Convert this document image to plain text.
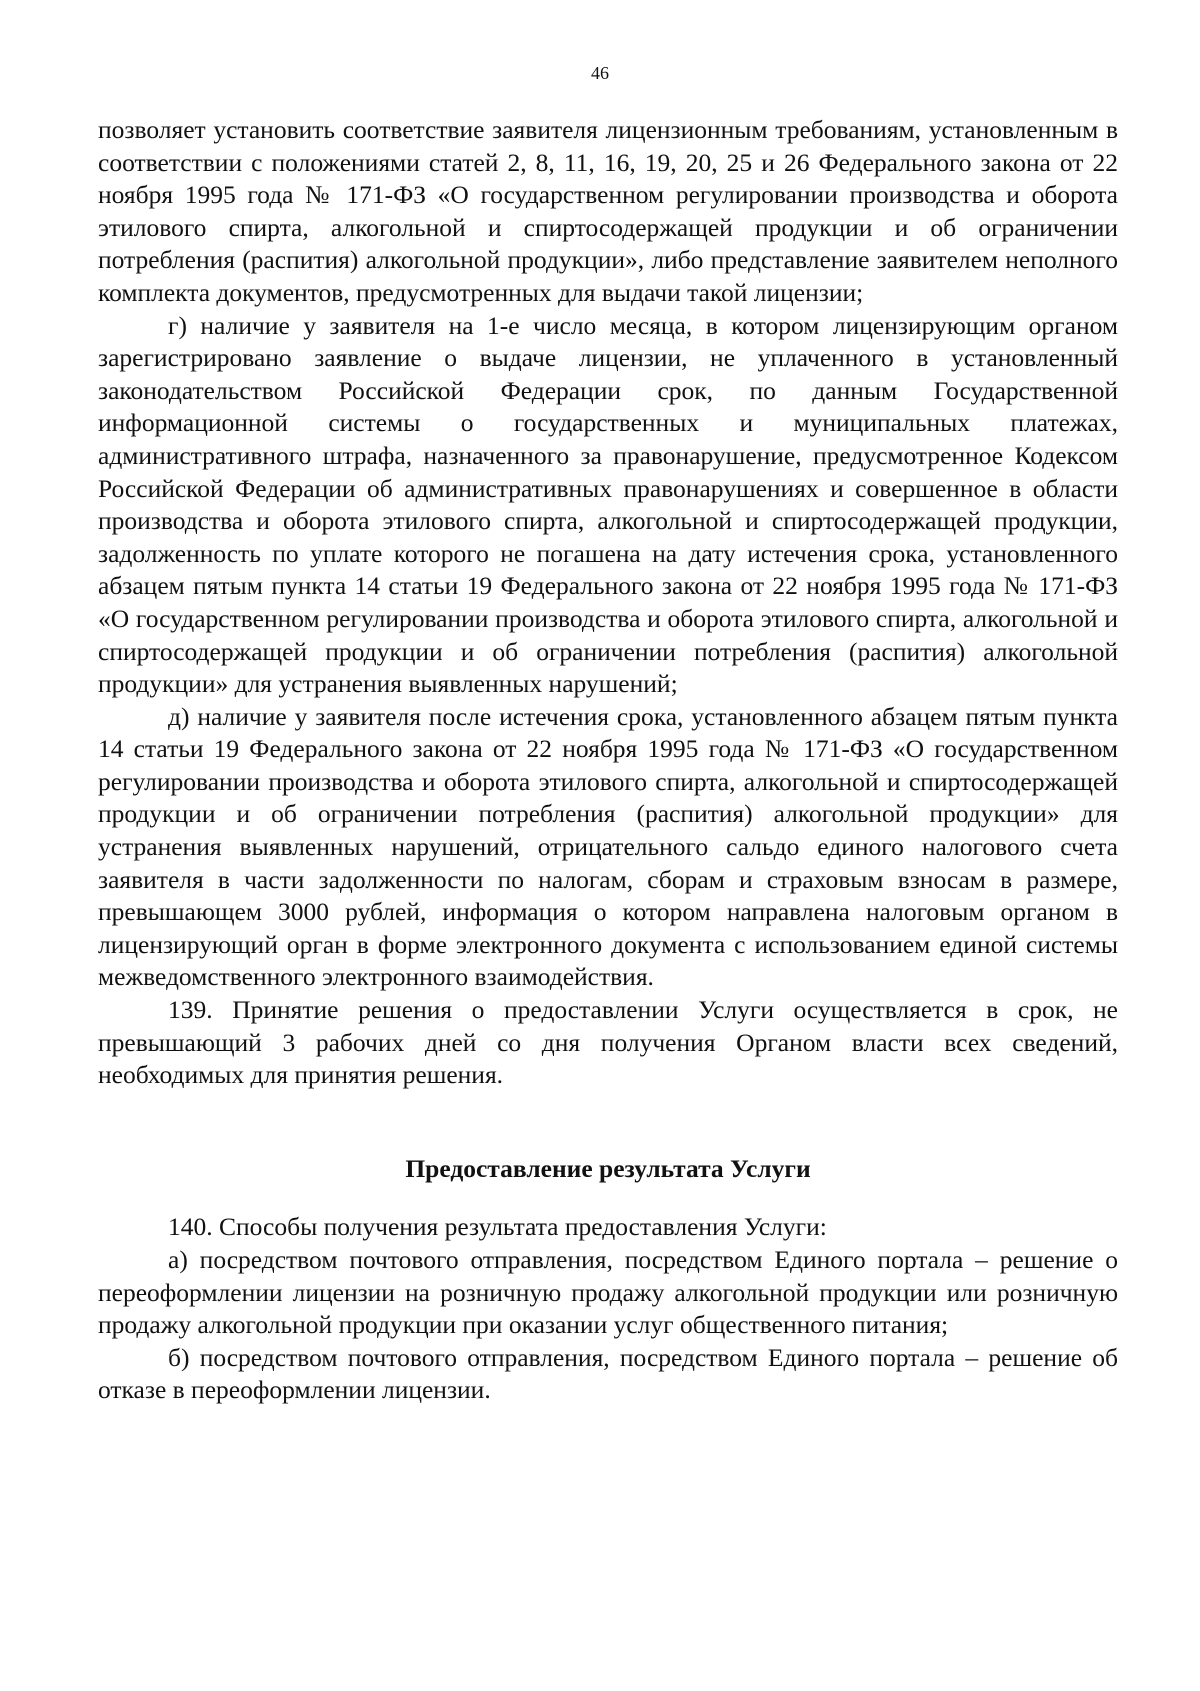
46

позволяет установить соответствие заявителя лицензионным требованиям, установленным в соответствии с положениями статей 2, 8, 11, 16, 19, 20, 25 и 26 Федерального закона от 22 ноября 1995 года № 171-ФЗ «О государственном регулировании производства и оборота этилового спирта, алкогольной и спиртосодержащей продукции и об ограничении потребления (распития) алкогольной продукции», либо представление заявителем неполного комплекта документов, предусмотренных для выдачи такой лицензии;

г) наличие у заявителя на 1-е число месяца, в котором лицензирующим органом зарегистрировано заявление о выдаче лицензии, не уплаченного в установленный законодательством Российской Федерации срок, по данным Государственной информационной системы о государственных и муниципальных платежах, административного штрафа, назначенного за правонарушение, предусмотренное Кодексом Российской Федерации об административных правонарушениях и совершенное в области производства и оборота этилового спирта, алкогольной и спиртосодержащей продукции, задолженность по уплате которого не погашена на дату истечения срока, установленного абзацем пятым пункта 14 статьи 19 Федерального закона от 22 ноября 1995 года № 171-ФЗ «О государственном регулировании производства и оборота этилового спирта, алкогольной и спиртосодержащей продукции и об ограничении потребления (распития) алкогольной продукции» для устранения выявленных нарушений;

д) наличие у заявителя после истечения срока, установленного абзацем пятым пункта 14 статьи 19 Федерального закона от 22 ноября 1995 года № 171-ФЗ «О государственном регулировании производства и оборота этилового спирта, алкогольной и спиртосодержащей продукции и об ограничении потребления (распития) алкогольной продукции» для устранения выявленных нарушений, отрицательного сальдо единого налогового счета заявителя в части задолженности по налогам, сборам и страховым взносам в размере, превышающем 3000 рублей, информация о котором направлена налоговым органом в лицензирующий орган в форме электронного документа с использованием единой системы межведомственного электронного взаимодействия.

139. Принятие решения о предоставлении Услуги осуществляется в срок, не превышающий 3 рабочих дней со дня получения Органом власти всех сведений, необходимых для принятия решения.

Предоставление результата Услуги

140. Способы получения результата предоставления Услуги:

а) посредством почтового отправления, посредством Единого портала – решение о переоформлении лицензии на розничную продажу алкогольной продукции или розничную продажу алкогольной продукции при оказании услуг общественного питания;

б) посредством почтового отправления, посредством Единого портала – решение об отказе в переоформлении лицензии.
